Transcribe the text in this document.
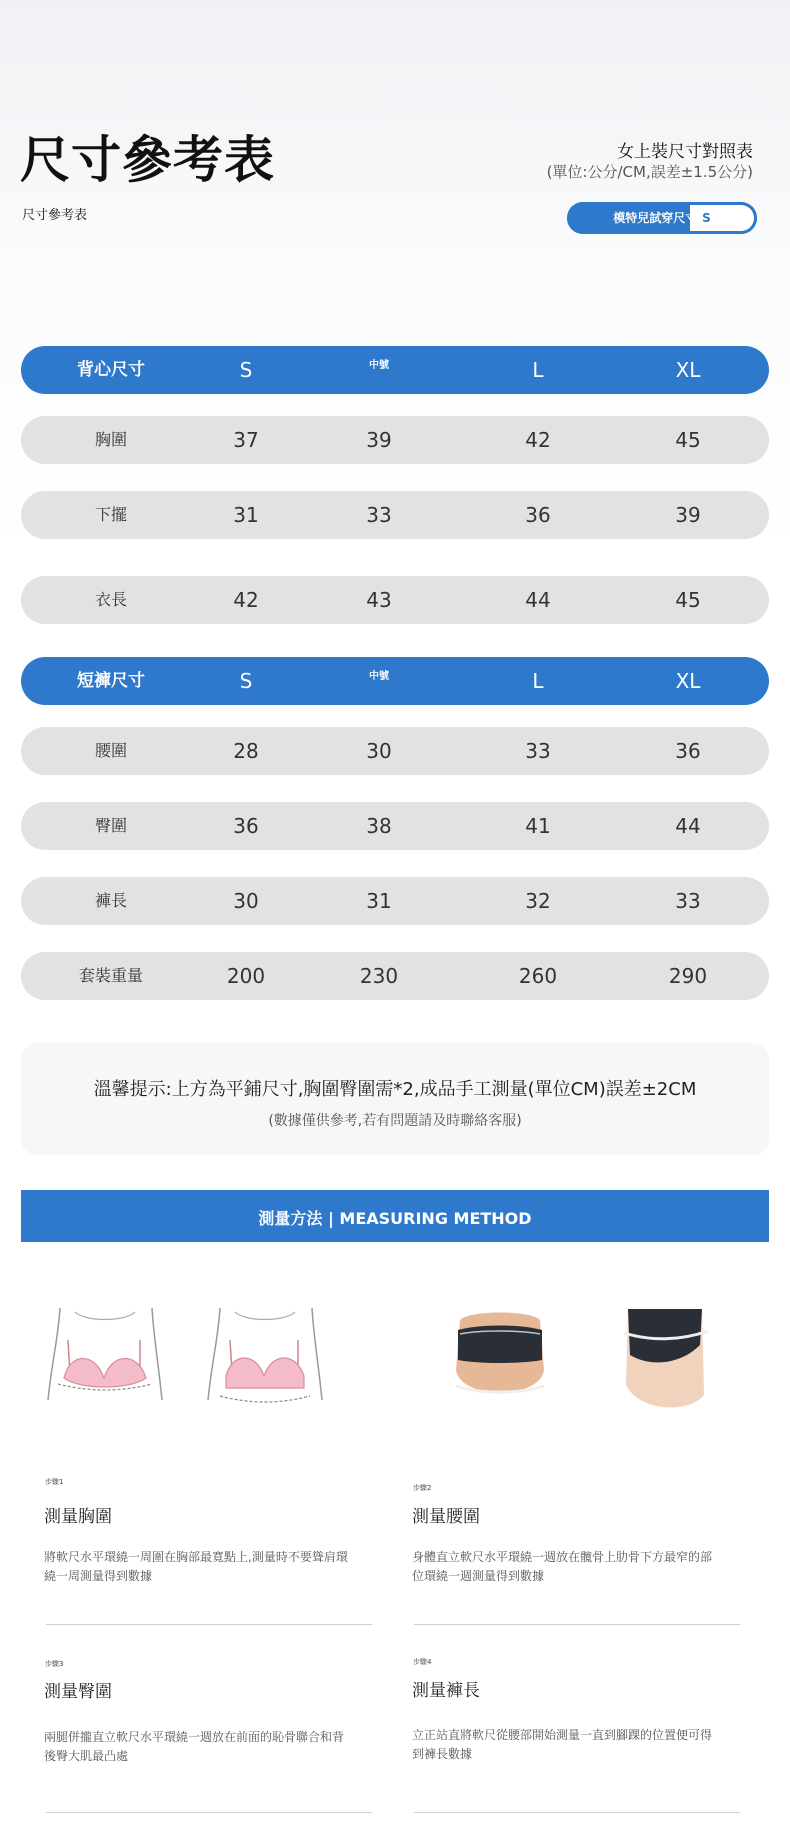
尺寸參考表
尺寸參考表
女上裝尺寸對照表
(單位:公分/CM,誤差±1.5公分)
模特兒試穿尺寸:S
背心尺寸	S	中號	L	XL
胸圍	37	39	42	45
下擺	31	33	36	39
衣長	42	43	44	45
短褲尺寸	S	中號	L	XL
腰圍	28	30	33	36
臀圍	36	38	41	44
褲長	30	31	32	33
套裝重量	200	230	260	290
溫馨提示:上方為平鋪尺寸,胸圍臀圍需*2,成品手工測量(單位CM)誤差±2CM
(數據僅供參考,若有問題請及時聯絡客服)
測量方法 | MEASURING METHOD
步驟1
測量胸圍
將軟尺水平環繞一周圍在胸部最寬點上,測量時不要聳肩環繞一周測量得到數據
步驟2
測量腰圍
身體直立軟尺水平環繞一週放在髖骨上肋骨下方最窄的部位環繞一週測量得到數據
步驟3
測量臀圍
兩腿併攏直立軟尺水平環繞一週放在前面的恥骨聯合和背後臀大肌最凸處
步驟4
測量褲長
立正站直將軟尺從腰部開始測量一直到腳踝的位置便可得到褲長數據
